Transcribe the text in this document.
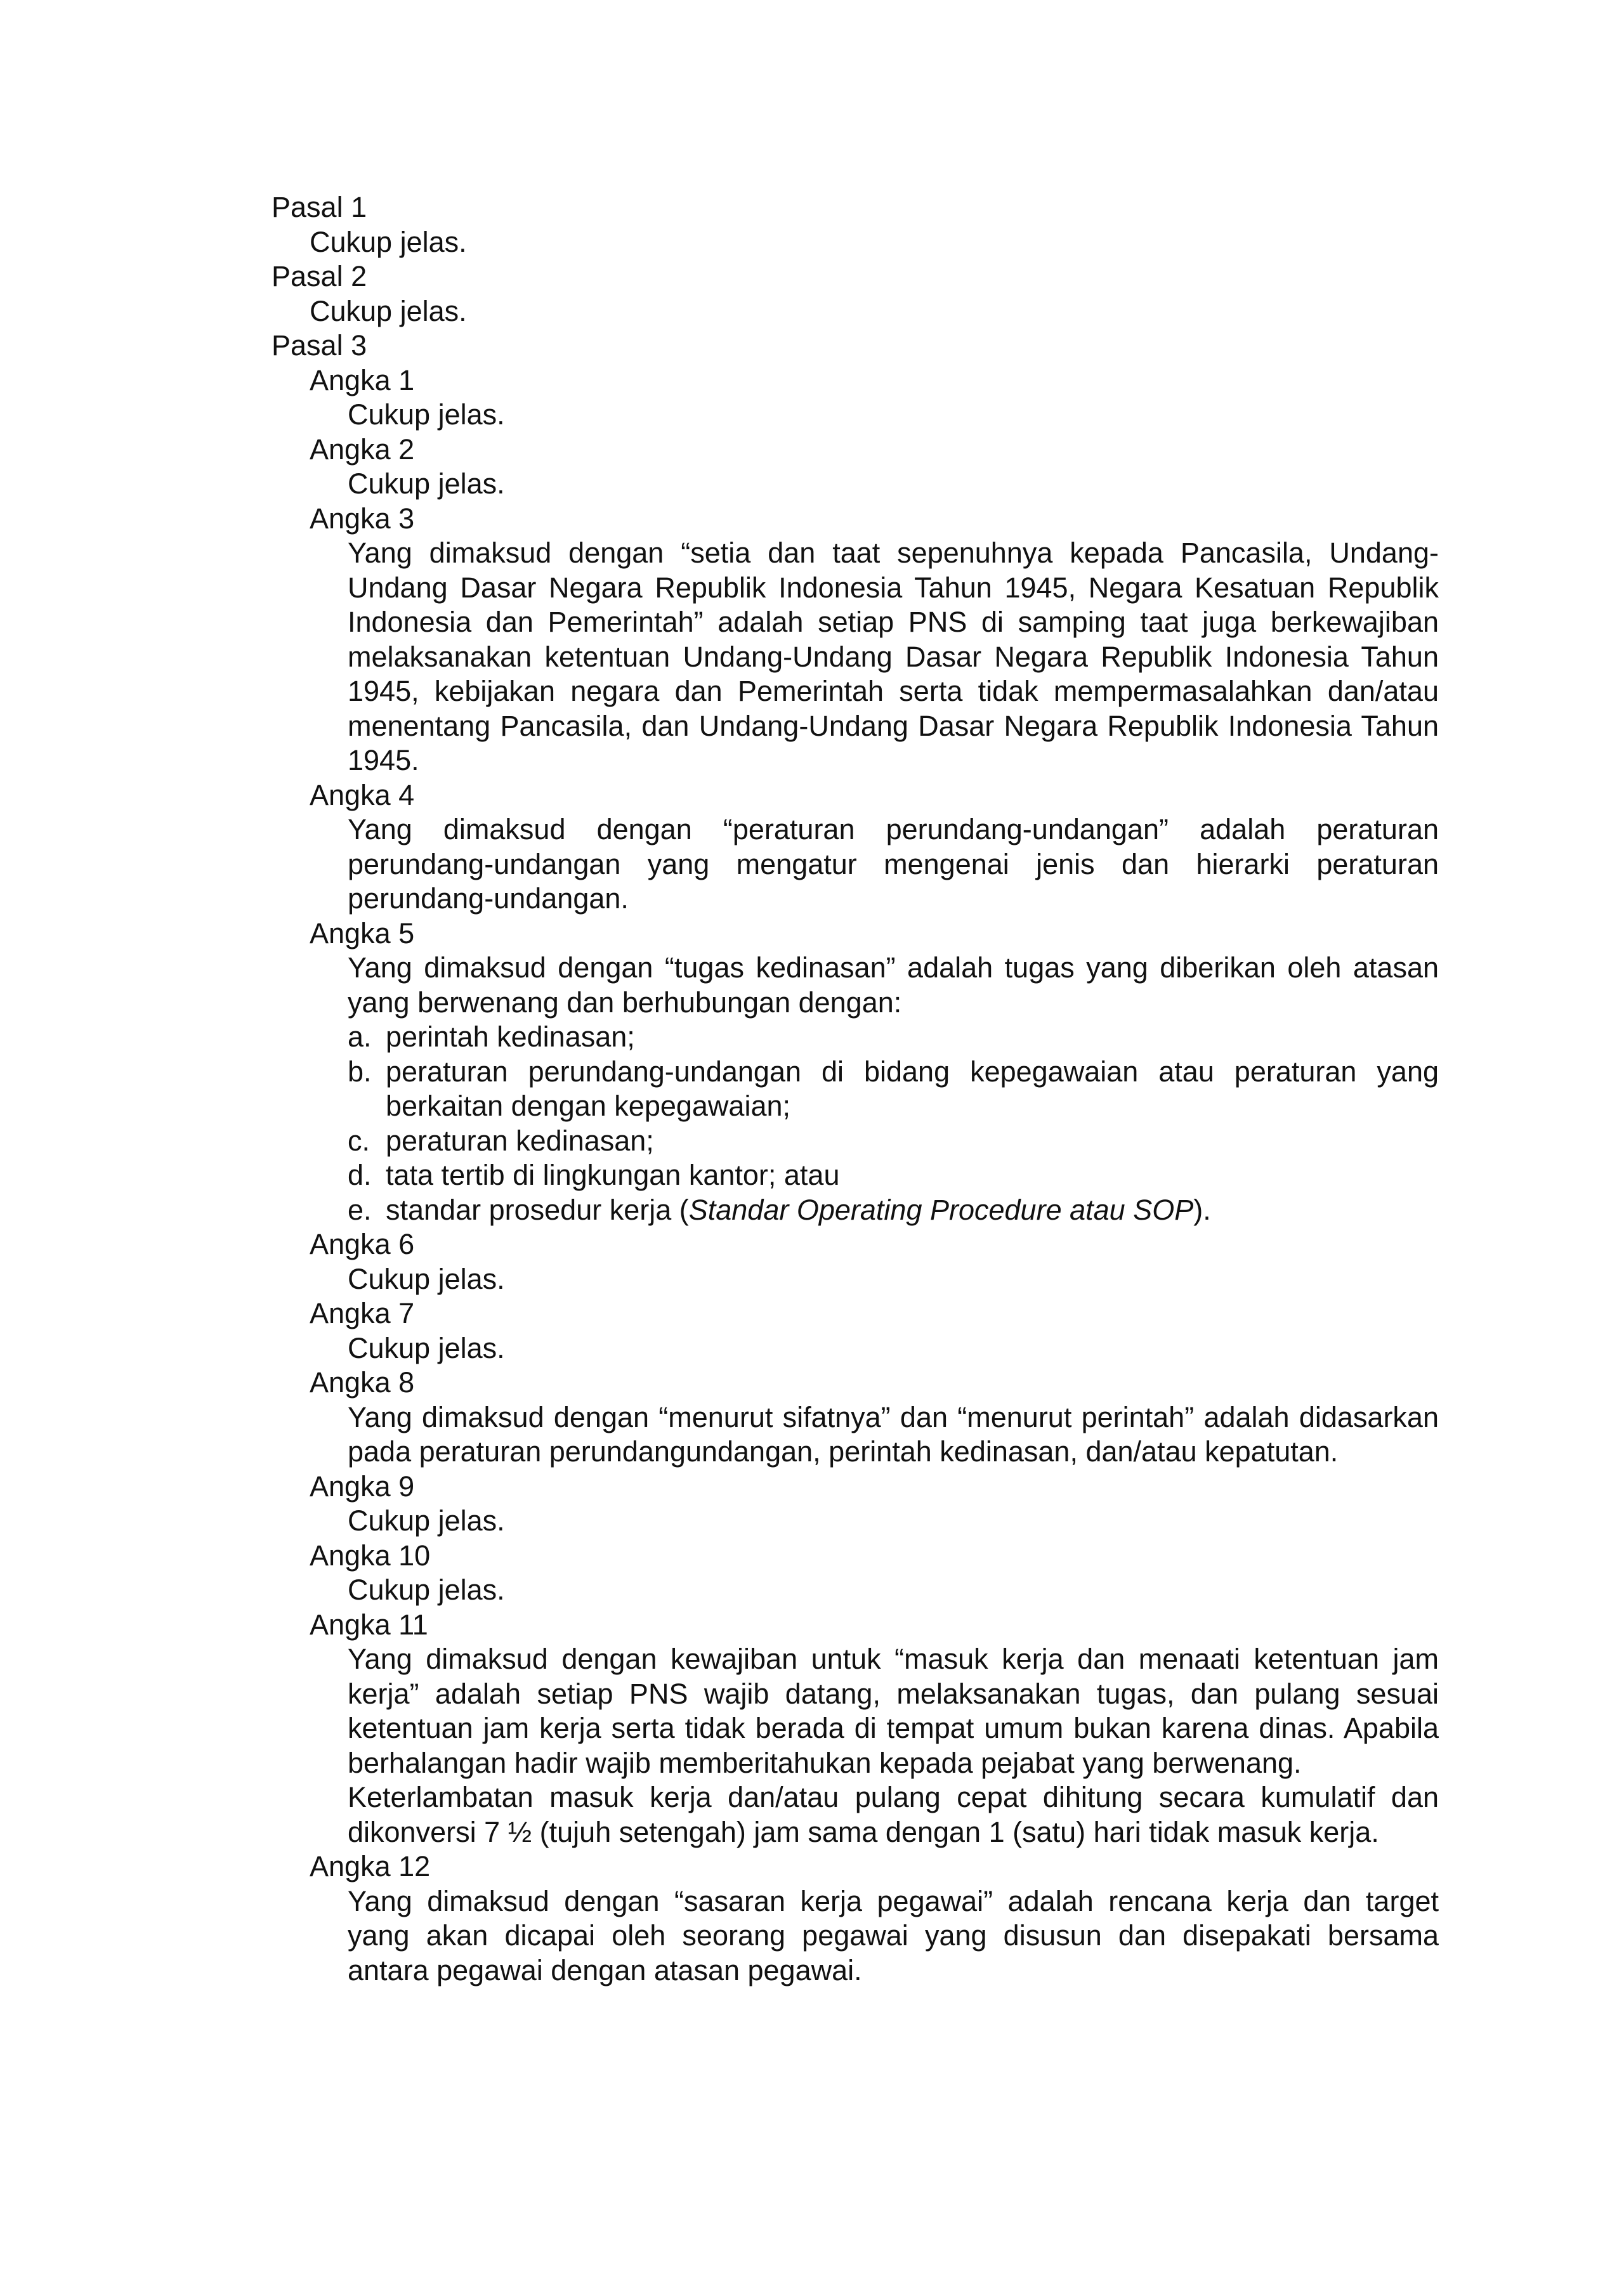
Pasal 1

Cukup jelas.

Pasal 2

Cukup jelas.

Pasal 3

Angka 1

Cukup jelas.

Angka 2

Cukup jelas.

Angka 3

Yang dimaksud dengan “setia dan taat sepenuhnya kepada Pancasila, Undang-Undang Dasar Negara Republik Indonesia Tahun 1945, Negara Kesatuan Republik Indonesia dan Pemerintah” adalah setiap PNS di samping taat juga berkewajiban melaksanakan ketentuan Undang-Undang Dasar Negara Republik Indonesia Tahun 1945, kebijakan negara dan Pemerintah serta tidak mempermasalahkan dan/atau menentang Pancasila, dan Undang-Undang Dasar Negara Republik Indonesia Tahun 1945.

Angka 4

Yang dimaksud dengan “peraturan perundang-undangan” adalah peraturan perundang-undangan yang mengatur mengenai jenis dan hierarki peraturan perundang-undangan.

Angka 5

Yang dimaksud dengan “tugas kedinasan” adalah tugas yang diberikan oleh atasan yang berwenang dan berhubungan dengan:

a. perintah kedinasan;
b. peraturan perundang-undangan di bidang kepegawaian atau peraturan yang berkaitan dengan kepegawaian;
c. peraturan kedinasan;
d. tata tertib di lingkungan kantor; atau
e. standar prosedur kerja (Standar Operating Procedure atau SOP).

Angka 6

Cukup jelas.

Angka 7

Cukup jelas.

Angka 8

Yang dimaksud dengan “menurut sifatnya” dan “menurut perintah” adalah didasarkan pada peraturan perundangundangan, perintah kedinasan, dan/atau kepatutan.

Angka 9

Cukup jelas.

Angka 10

Cukup jelas.

Angka 11

Yang dimaksud dengan kewajiban untuk “masuk kerja dan menaati ketentuan jam kerja” adalah setiap PNS wajib datang, melaksanakan tugas, dan pulang sesuai ketentuan jam kerja serta tidak berada di tempat umum bukan karena dinas. Apabila berhalangan hadir wajib memberitahukan kepada pejabat yang berwenang.

Keterlambatan masuk kerja dan/atau pulang cepat dihitung secara kumulatif dan dikonversi 7 ½ (tujuh setengah) jam sama dengan 1 (satu) hari tidak masuk kerja.

Angka 12

Yang dimaksud dengan “sasaran kerja pegawai” adalah rencana kerja dan target yang akan dicapai oleh seorang pegawai yang disusun dan disepakati bersama antara pegawai dengan atasan pegawai.
